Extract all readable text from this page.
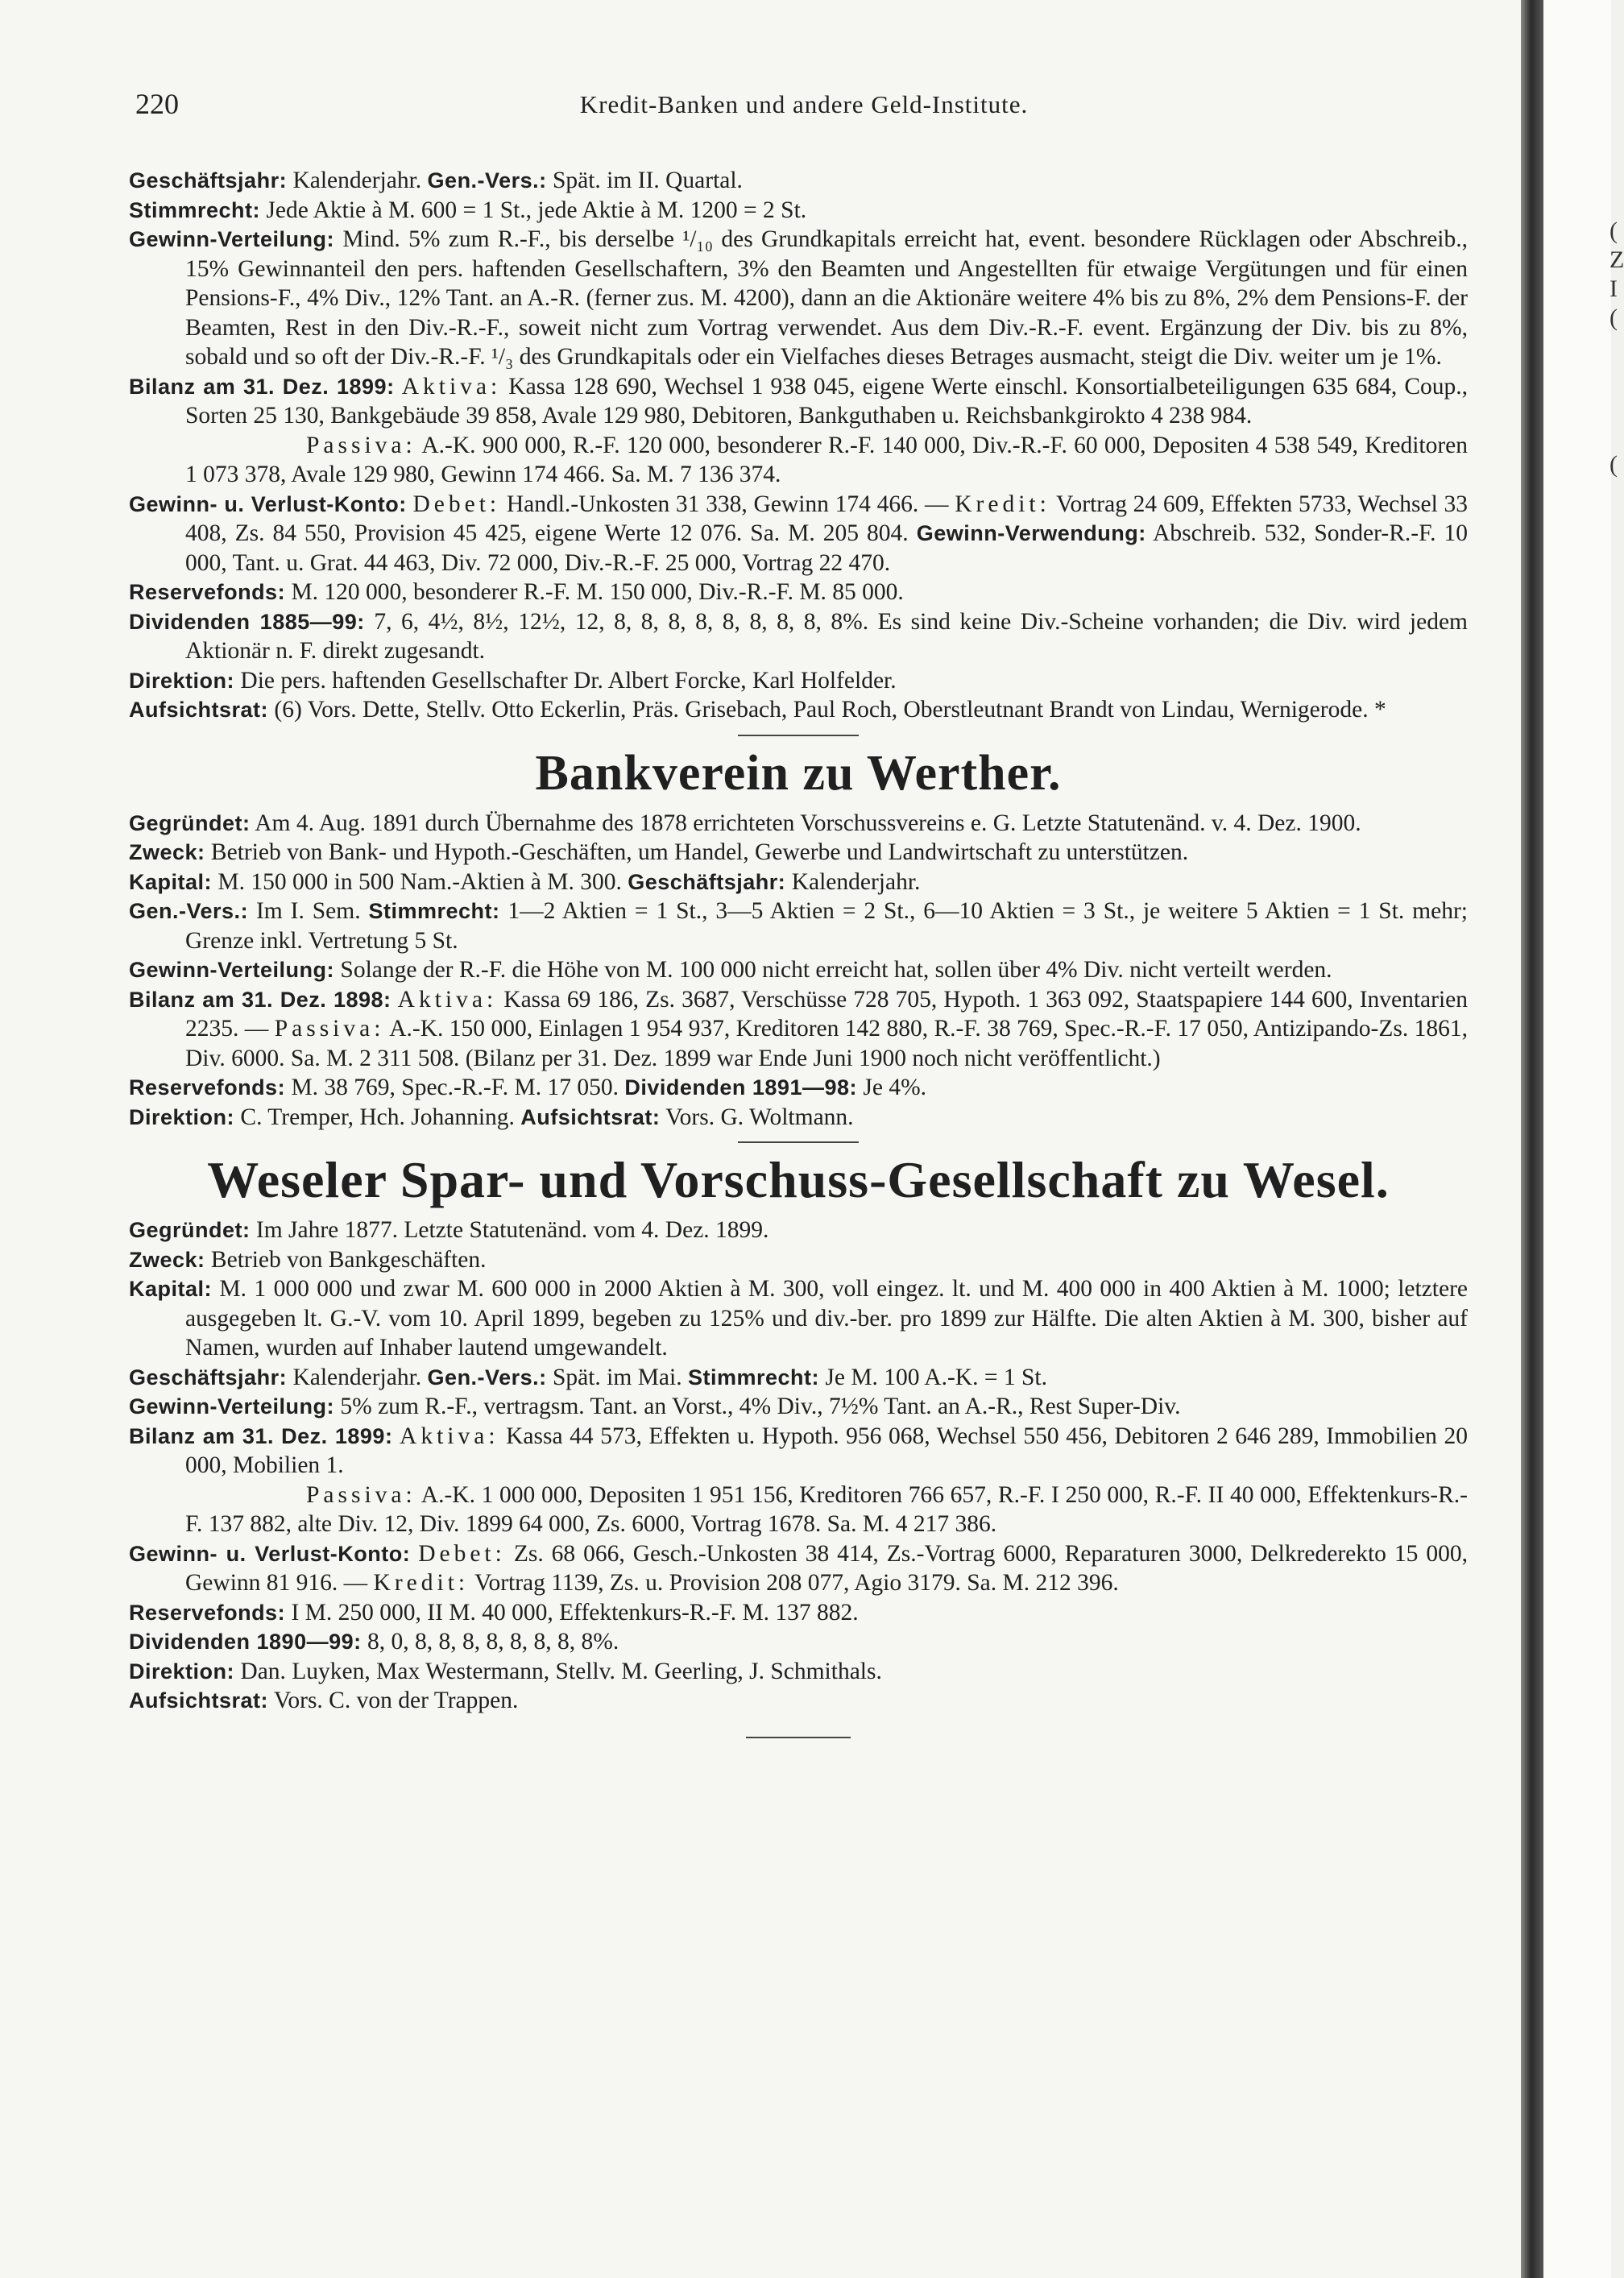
220	Kredit-Banken und andere Geld-Institute.

Geschäftsjahr: Kalenderjahr. Gen.-Vers.: Spät. im II. Quartal.

Stimmrecht: Jede Aktie à M. 600 = 1 St., jede Aktie à M. 1200 = 2 St.

Gewinn-Verteilung: Mind. 5% zum R.-F., bis derselbe ¹/₁₀ des Grundkapitals erreicht hat, event. besondere Rücklagen oder Abschreib., 15% Gewinnanteil den pers. haftenden Gesellschaftern, 3% den Beamten und Angestellten für etwaige Vergütungen und für einen Pensions-F., 4% Div., 12% Tant. an A.-R. (ferner zus. M. 4200), dann an die Aktionäre weitere 4% bis zu 8%, 2% dem Pensions-F. der Beamten, Rest in den Div.-R.-F., soweit nicht zum Vortrag verwendet. Aus dem Div.-R.-F. event. Ergänzung der Div. bis zu 8%, sobald und so oft der Div.-R.-F. ¹/₃ des Grundkapitals oder ein Vielfaches dieses Betrages ausmacht, steigt die Div. weiter um je 1%.

Bilanz am 31. Dez. 1899: Aktiva: Kassa 128 690, Wechsel 1 938 045, eigene Werte einschl. Konsortialbeteiligungen 635 684, Coup., Sorten 25 130, Bankgebäude 39 858, Avale 129 980, Debitoren, Bankguthaben u. Reichsbankgirokto 4 238 984.

Passiva: A.-K. 900 000, R.-F. 120 000, besonderer R.-F. 140 000, Div.-R.-F. 60 000, Depositen 4 538 549, Kreditoren 1 073 378, Avale 129 980, Gewinn 174 466. Sa. M. 7 136 374.

Gewinn- u. Verlust-Konto: Debet: Handl.-Unkosten 31 338, Gewinn 174 466. — Kredit: Vortrag 24 609, Effekten 5733, Wechsel 33 408, Zs. 84 550, Provision 45 425, eigene Werte 12 076. Sa. M. 205 804. Gewinn-Verwendung: Abschreib. 532, Sonder-R.-F. 10 000, Tant. u. Grat. 44 463, Div. 72 000, Div.-R.-F. 25 000, Vortrag 22 470.

Reservefonds: M. 120 000, besonderer R.-F. M. 150 000, Div.-R.-F. M. 85 000.

Dividenden 1885—99: 7, 6, 4½, 8½, 12½, 12, 8, 8, 8, 8, 8, 8, 8, 8, 8%. Es sind keine Div.-Scheine vorhanden; die Div. wird jedem Aktionär n. F. direkt zugesandt.

Direktion: Die pers. haftenden Gesellschafter Dr. Albert Forcke, Karl Holfelder.

Aufsichtsrat: (6) Vors. Dette, Stellv. Otto Eckerlin, Präs. Grisebach, Paul Roch, Oberstleutnant Brandt von Lindau, Wernigerode. *

Bankverein zu Werther.

Gegründet: Am 4. Aug. 1891 durch Übernahme des 1878 errichteten Vorschussvereins e. G. Letzte Statutenänd. v. 4. Dez. 1900.

Zweck: Betrieb von Bank- und Hypoth.-Geschäften, um Handel, Gewerbe und Landwirtschaft zu unterstützen.

Kapital: M. 150 000 in 500 Nam.-Aktien à M. 300. Geschäftsjahr: Kalenderjahr.

Gen.-Vers.: Im I. Sem. Stimmrecht: 1—2 Aktien = 1 St., 3—5 Aktien = 2 St., 6—10 Aktien = 3 St., je weitere 5 Aktien = 1 St. mehr; Grenze inkl. Vertretung 5 St.

Gewinn-Verteilung: Solange der R.-F. die Höhe von M. 100 000 nicht erreicht hat, sollen über 4% Div. nicht verteilt werden.

Bilanz am 31. Dez. 1898: Aktiva: Kassa 69 186, Zs. 3687, Verschüsse 728 705, Hypoth. 1 363 092, Staatspapiere 144 600, Inventarien 2235. — Passiva: A.-K. 150 000, Einlagen 1 954 937, Kreditoren 142 880, R.-F. 38 769, Spec.-R.-F. 17 050, Antizipando-Zs. 1861, Div. 6000. Sa. M. 2 311 508. (Bilanz per 31. Dez. 1899 war Ende Juni 1900 noch nicht veröffentlicht.)

Reservefonds: M. 38 769, Spec.-R.-F. M. 17 050. Dividenden 1891—98: Je 4%.

Direktion: C. Tremper, Hch. Johanning. Aufsichtsrat: Vors. G. Woltmann.

Weseler Spar- und Vorschuss-Gesellschaft zu Wesel.

Gegründet: Im Jahre 1877. Letzte Statutenänd. vom 4. Dez. 1899.

Zweck: Betrieb von Bankgeschäften.

Kapital: M. 1 000 000 und zwar M. 600 000 in 2000 Aktien à M. 300, voll eingez. lt. und M. 400 000 in 400 Aktien à M. 1000; letztere ausgegeben lt. G.-V. vom 10. April 1899, begeben zu 125% und div.-ber. pro 1899 zur Hälfte. Die alten Aktien à M. 300, bisher auf Namen, wurden auf Inhaber lautend umgewandelt.

Geschäftsjahr: Kalenderjahr. Gen.-Vers.: Spät. im Mai. Stimmrecht: Je M. 100 A.-K. = 1 St.

Gewinn-Verteilung: 5% zum R.-F., vertragsm. Tant. an Vorst., 4% Div., 7½% Tant. an A.-R., Rest Super-Div.

Bilanz am 31. Dez. 1899: Aktiva: Kassa 44 573, Effekten u. Hypoth. 956 068, Wechsel 550 456, Debitoren 2 646 289, Immobilien 20 000, Mobilien 1.

Passiva: A.-K. 1 000 000, Depositen 1 951 156, Kreditoren 766 657, R.-F. I 250 000, R.-F. II 40 000, Effektenkurs-R.-F. 137 882, alte Div. 12, Div. 1899 64 000, Zs. 6000, Vortrag 1678. Sa. M. 4 217 386.

Gewinn- u. Verlust-Konto: Debet: Zs. 68 066, Gesch.-Unkosten 38 414, Zs.-Vortrag 6000, Reparaturen 3000, Delkrederekto 15 000, Gewinn 81 916. — Kredit: Vortrag 1139, Zs. u. Provision 208 077, Agio 3179. Sa. M. 212 396.

Reservefonds: I M. 250 000, II M. 40 000, Effektenkurs-R.-F. M. 137 882.

Dividenden 1890—99: 8, 0, 8, 8, 8, 8, 8, 8, 8, 8%.

Direktion: Dan. Luyken, Max Westermann, Stellv. M. Geerling, J. Schmithals.

Aufsichtsrat: Vors. C. von der Trappen.

(
Z
I
(
(
